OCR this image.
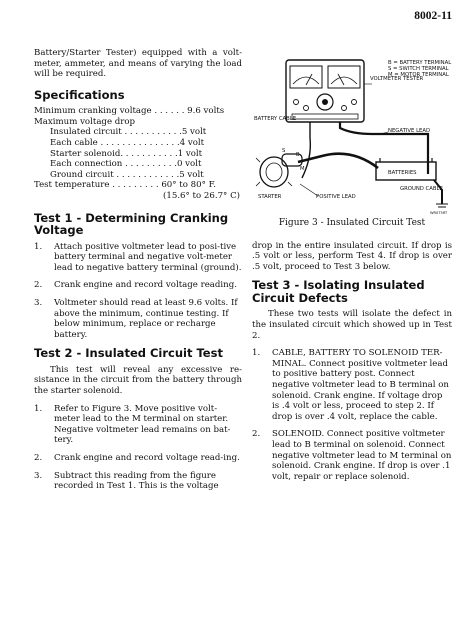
8002-11

Battery/Starter Tester) equipped with a volt-meter, ammeter, and means of varying the load will be required.

Specifications
Minimum cranking voltage . . . . . . 9.6 volts
Maximum voltage drop
Insulated circuit . . . . . . . . . . .5 volt
Each cable . . . . . . . . . . . . . . .4 volt
Starter solenoid. . . . . . . . . . .1 volt
Each connection . . . . . . . . . .0 volt
Ground circuit . . . . . . . . . . . .5 volt
Test temperature . . . . . . . . . 60° to 80° F.
(15.6° to 26.7° C)
Test 1 - Determining Cranking Voltage
1. Attach positive voltmeter lead to posi-tive battery terminal and negative volt-meter lead to negative battery terminal (ground).
2. Crank engine and record voltage reading.
3. Voltmeter should read at least 9.6 volts. If above the minimum, continue testing. If below minimum, replace or recharge battery.
Test 2 - Insulated Circuit Test

This test will reveal any excessive re-sistance in the circuit from the battery through the starter solenoid.

1. Refer to Figure 3. Move positive volt-meter lead to the M terminal on starter. Negative voltmeter lead remains on bat-tery.
2. Crank engine and record voltage read-ing.
3. Subtract this reading from the figure recorded in Test 1. This is the voltage
B = BATTERY TERMINAL
S = SWITCH TERMINAL
M = MOTOR TERMINAL
VOLTMETER TESTER
BATTERY CABLE
NEGATIVE LEAD
POSITIVE LEAD
B
S
M
STARTER
BATTERIES
GROUND CABLE
WR0T5RT
Figure 3 - Insulated Circuit Test

drop in the entire insulated circuit. If drop is .5 volt or less, perform Test 4. If drop is over .5 volt, proceed to Test 3 below.

Test 3 - Isolating Insulated Circuit Defects

These two tests will isolate the defect in the insulated circuit which showed up in Test 2.

1. CABLE, BATTERY TO SOLENOID TER-MINAL. Connect positive voltmeter lead to positive battery post. Connect negative voltmeter lead to B terminal on solenoid. Crank engine. If voltage drop is .4 volt or less, proceed to step 2. If drop is over .4 volt, replace the cable.
2. SOLENOID. Connect positive voltmeter lead to B terminal on solenoid. Connect negative voltmeter lead to M terminal on solenoid. Crank engine. If drop is over .1 volt, repair or replace solenoid.
